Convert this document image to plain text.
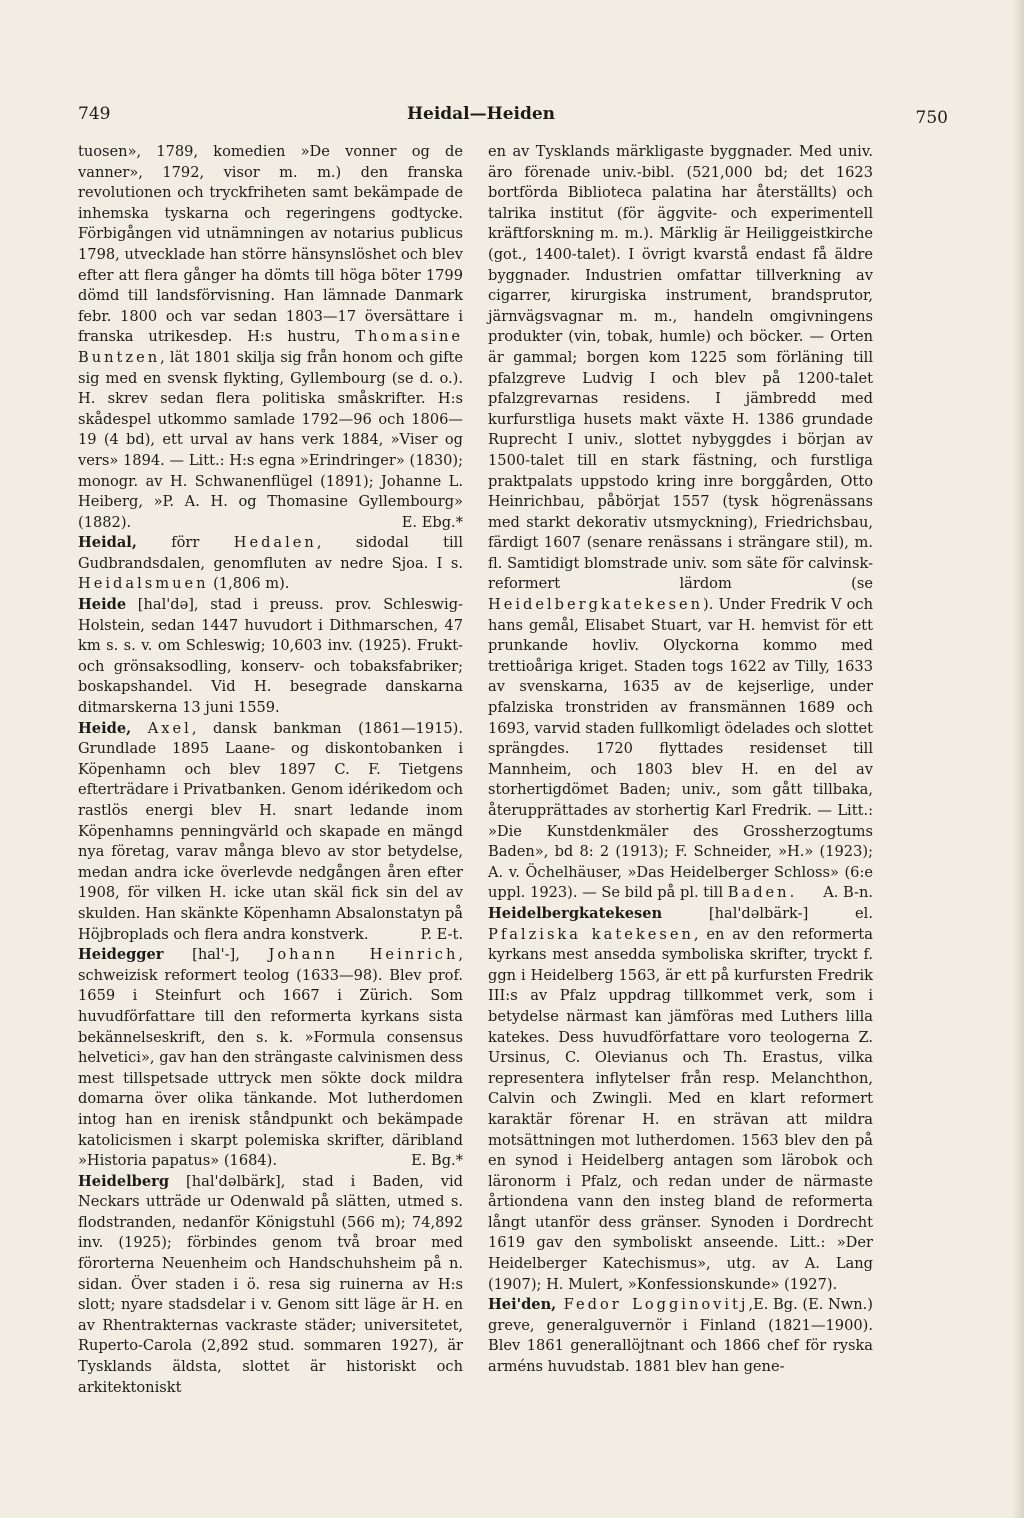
749	Heidal—Heiden	750

tuosen», 1789, komedien »De vonner og de vanner», 1792, visor m. m.) den franska revolutionen och tryckfriheten samt bekämpade de inhemska tyskarna och regeringens godtycke. Förbigången vid utnämningen av notarius publicus 1798, utvecklade han större hänsynslöshet och blev efter att flera gånger ha dömts till höga böter 1799 dömd till landsförvisning. Han lämnade Danmark febr. 1800 och var sedan 1803—17 översättare i franska utrikesdep. H:s hustru, Thomasine Buntzen, lät 1801 skilja sig från honom och gifte sig med en svensk flykting, Gyllembourg (se d. o.). H. skrev sedan flera politiska småskrifter. H:s skådespel utkommo samlade 1792—96 och 1806—19 (4 bd), ett urval av hans verk 1884, »Viser og vers» 1894. — Litt.: H:s egna »Erindringer» (1830); monogr. av H. Schwanenflügel (1891); Johanne L. Heiberg, »P. A. H. og Thomasine Gyllembourg» (1882).	E. Ebg.*

Heidal, förr Hedalen, sidodal till Gudbrandsdalen, genomfluten av nedre Sjoa. I s. Heidalsmuen (1,806 m).

Heide [hal'də], stad i preuss. prov. Schleswig-Holstein, sedan 1447 huvudort i Dithmarschen, 47 km s. s. v. om Schleswig; 10,603 inv. (1925). Frukt- och grönsaksodling, konserv- och tobaksfabriker; boskapshandel. Vid H. besegrade danskarna ditmarskerna 13 juni 1559.

Heide, Axel, dansk bankman (1861—1915). Grundlade 1895 Laane- og diskontobanken i Köpenhamn och blev 1897 C. F. Tietgens efterträdare i Privatbanken. Genom idérikedom och rastlös energi blev H. snart ledande inom Köpenhamns penningvärld och skapade en mängd nya företag, varav många blevo av stor betydelse, medan andra icke överlevde nedgången åren efter 1908, för vilken H. icke utan skäl fick sin del av skulden. Han skänkte Köpenhamn Absalonstatyn på Höjbroplads och flera andra konstverk.	P. E-t.

Heidegger [hal'-], Johann Heinrich, schweizisk reformert teolog (1633—98). Blev prof. 1659 i Steinfurt och 1667 i Zürich. Som huvudförfattare till den reformerta kyrkans sista bekännelseskrift, den s. k. »Formula consensus helvetici», gav han den strängaste calvinismen dess mest tillspetsade uttryck men sökte dock mildra domarna över olika tänkande. Mot lutherdomen intog han en irenisk ståndpunkt och bekämpade katolicismen i skarpt polemiska skrifter, däribland »Historia papatus» (1684).	E. Bg.*

Heidelberg [hal'dəlbärk], stad i Baden, vid Neckars utträde ur Odenwald på slätten, utmed s. flodstranden, nedanför Königstuhl (566 m); 74,892 inv. (1925); förbindes genom två broar med förorterna Neuenheim och Handschuhsheim på n. sidan. Över staden i ö. resa sig ruinerna av H:s slott; nyare stadsdelar i v. Genom sitt läge är H. en av Rhentrakternas vackraste städer; universitetet, Ruperto-Carola (2,892 stud. sommaren 1927), är Tysklands äldsta, slottet är historiskt och arkitektoniskt

en av Tysklands märkligaste byggnader. Med univ. äro förenade univ.-bibl. (521,000 bd; det 1623 bortförda Biblioteca palatina har återställts) och talrika institut (för äggvite- och experimentell kräftforskning m. m.). Märklig är Heiliggeistkirche (got., 1400-talet). I övrigt kvarstå endast få äldre byggnader. Industrien omfattar tillverkning av cigarrer, kirurgiska instrument, brandsprutor, järnvägsvagnar m. m., handeln omgivningens produkter (vin, tobak, humle) och böcker. — Orten är gammal; borgen kom 1225 som förläning till pfalzgreve Ludvig I och blev på 1200-talet pfalzgrevarnas residens. I jämbredd med kurfurstliga husets makt växte H. 1386 grundade Ruprecht I univ., slottet nybyggdes i början av 1500-talet till en stark fästning, och furstliga praktpalats uppstodo kring inre borggården, Otto Heinrichbau, påbörjat 1557 (tysk högrenässans med starkt dekorativ utsmyckning), Friedrichsbau, färdigt 1607 (senare renässans i strängare stil), m. fl. Samtidigt blomstrade univ. som säte för calvinsk-reformert lärdom (se Heidelbergkatekesen). Under Fredrik V och hans gemål, Elisabet Stuart, var H. hemvist för ett prunkande hovliv. Olyckorna kommo med trettioåriga kriget. Staden togs 1622 av Tilly, 1633 av svenskarna, 1635 av de kejserlige, under pfalziska tronstriden av fransmännen 1689 och 1693, varvid staden fullkomligt ödelades och slottet sprängdes. 1720 flyttades residenset till Mannheim, och 1803 blev H. en del av storhertigdömet Baden; univ., som gått tillbaka, återupprättades av storhertig Karl Fredrik. — Litt.: »Die Kunstdenkmäler des Grossherzogtums Baden», bd 8: 2 (1913); F. Schneider, »H.» (1923); A. v. Öchelhäuser, »Das Heidelberger Schloss» (6:e uppl. 1923). — Se bild på pl. till Baden. A. B-n.

Heidelbergkatekesen [hal'dəlbärk-] el. Pfalziska katekesen, en av den reformerta kyrkans mest ansedda symboliska skrifter, tryckt f. ggn i Heidelberg 1563, är ett på kurfursten Fredrik III:s av Pfalz uppdrag tillkommet verk, som i betydelse närmast kan jämföras med Luthers lilla katekes. Dess huvudförfattare voro teologerna Z. Ursinus, C. Olevianus och Th. Erastus, vilka representera inflytelser från resp. Melanchthon, Calvin och Zwingli. Med en klart reformert karaktär förenar H. en strävan att mildra motsättningen mot lutherdomen. 1563 blev den på en synod i Heidelberg antagen som lärobok och läronorm i Pfalz, och redan under de närmaste årtiondena vann den insteg bland de reformerta långt utanför dess gränser. Synoden i Dordrecht 1619 gav den symboliskt anseende. Litt.: »Der Heidelberger Katechismus», utg. av A. Lang (1907); H. Mulert, »Konfessionskunde» (1927).
E. Bg. (E. Nwn.)

Hei'den, Fedor Logginovitj, greve, generalguvernör i Finland (1821—1900). Blev 1861 generallöjtnant och 1866 chef för ryska arméns huvudstab. 1881 blev han gene-
